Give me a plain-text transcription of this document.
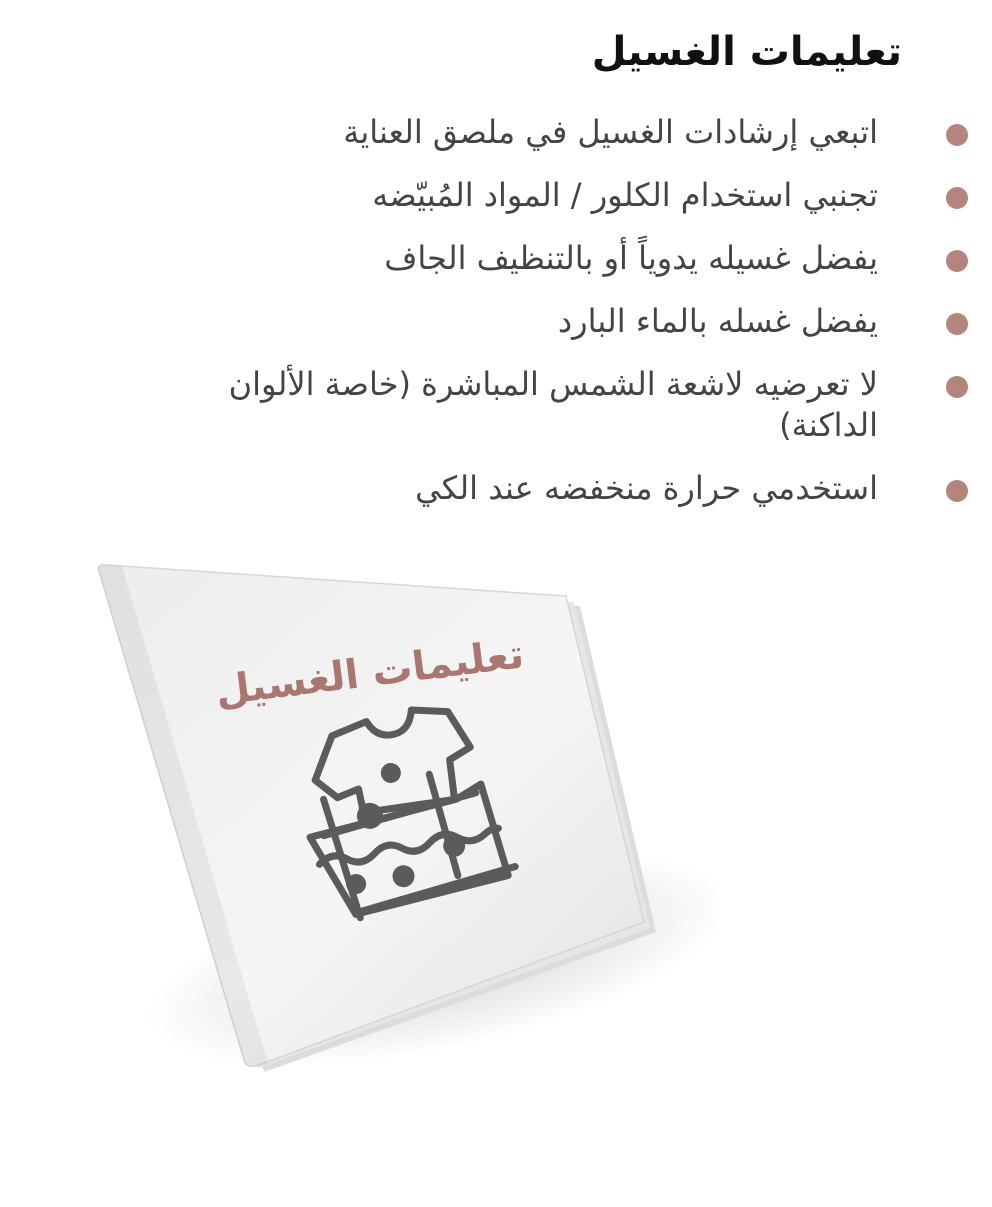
تعليمات الغسيل
اتبعي إرشادات الغسيل في ملصق العناية
تجنبي استخدام الكلور / المواد المُبيّضه
يفضل غسيله يدوياً أو بالتنظيف الجاف
يفضل غسله بالماء البارد
لا تعرضيه لاشعة الشمس المباشرة (خاصة الألوان الداكنة)
استخدمي حرارة منخفضه عند الكي
تعليمات الغسيل
